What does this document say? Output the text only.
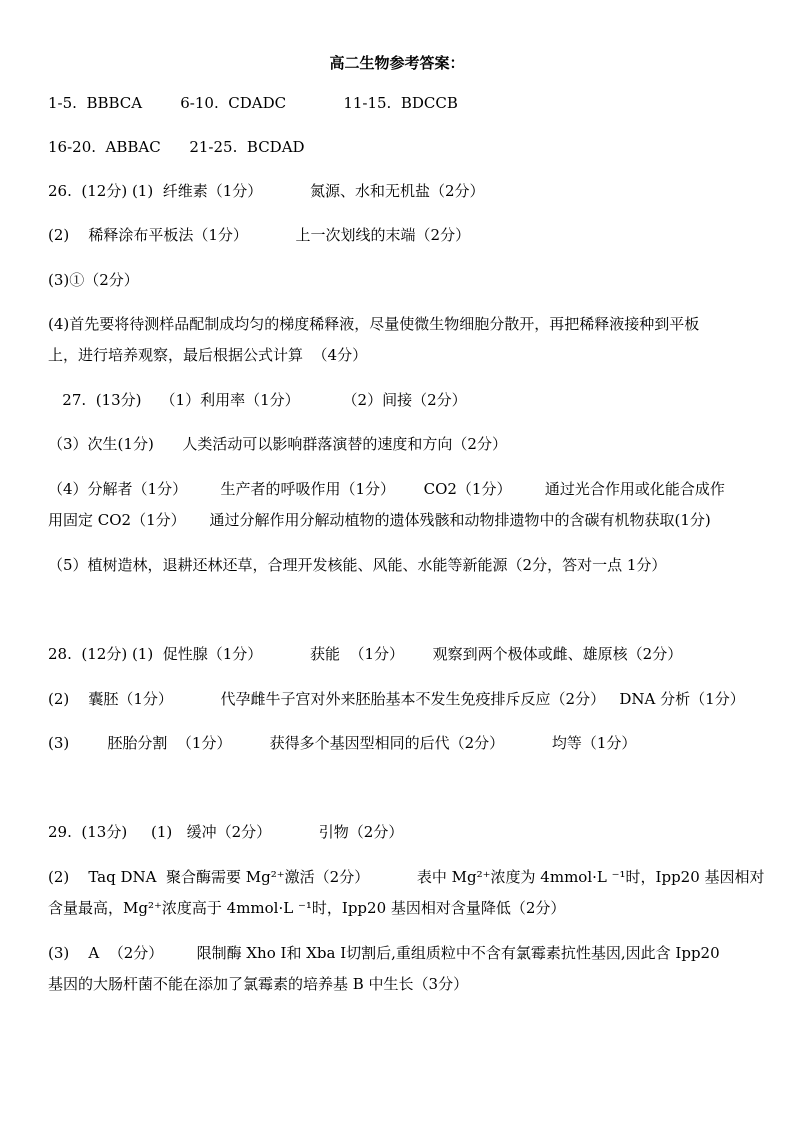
高二生物参考答案：
1-5.  BBBCA        6-10.  CDADC            11-15.  BDCCB
16-20.  ABBAC      21-25.  BCDAD
26.  (12分) (1)  纤维素（1分）          氮源、水和无机盐（2分）
(2)    稀释涂布平板法（1分）          上一次划线的末端（2分）
(3)①（2分）
(4)首先要将待测样品配制成均匀的梯度稀释液，尽量使微生物细胞分散开，再把稀释液接种到平板
上，进行培养观察，最后根据公式计算  （4分）
27.  (13分)    （1）利用率（1分）         （2）间接（2分）
（3）次生(1分)      人类活动可以影响群落演替的速度和方向（2分）
（4）分解者（1分）       生产者的呼吸作用（1分）      CO2（1分）       通过光合作用或化能合成作
用固定 CO2（1分）     通过分解作用分解动植物的遗体残骸和动物排遗物中的含碳有机物获取(1分)
（5）植树造林，退耕还林还草，合理开发核能、风能、水能等新能源（2分，答对一点 1分）
28.  (12分) (1)  促性腺（1分）          获能  （1分）      观察到两个极体或雌、雄原核（2分）
(2)    囊胚（1分）          代孕雌牛子宫对外来胚胎基本不发生免疫排斥反应（2分）   DNA 分析（1分）
(3)        胚胎分割  （1分）        获得多个基因型相同的后代（2分）          均等（1分）
29.  (13分)     (1)   缓冲（2分）          引物（2分）
(2)    Taq DNA  聚合酶需要 Mg²⁺激活（2分）          表中 Mg²⁺浓度为 4mmol·L ⁻¹时，Ipp20 基因相对
含量最高，Mg²⁺浓度高于 4mmol·L ⁻¹时，Ipp20 基因相对含量降低（2分）
(3)    A  （2分）       限制酶 Xho Ⅰ和 Xba Ⅰ切割后,重组质粒中不含有氯霉素抗性基因,因此含 Ipp20
基因的大肠杆菌不能在添加了氯霉素的培养基 B 中生长（3分）
